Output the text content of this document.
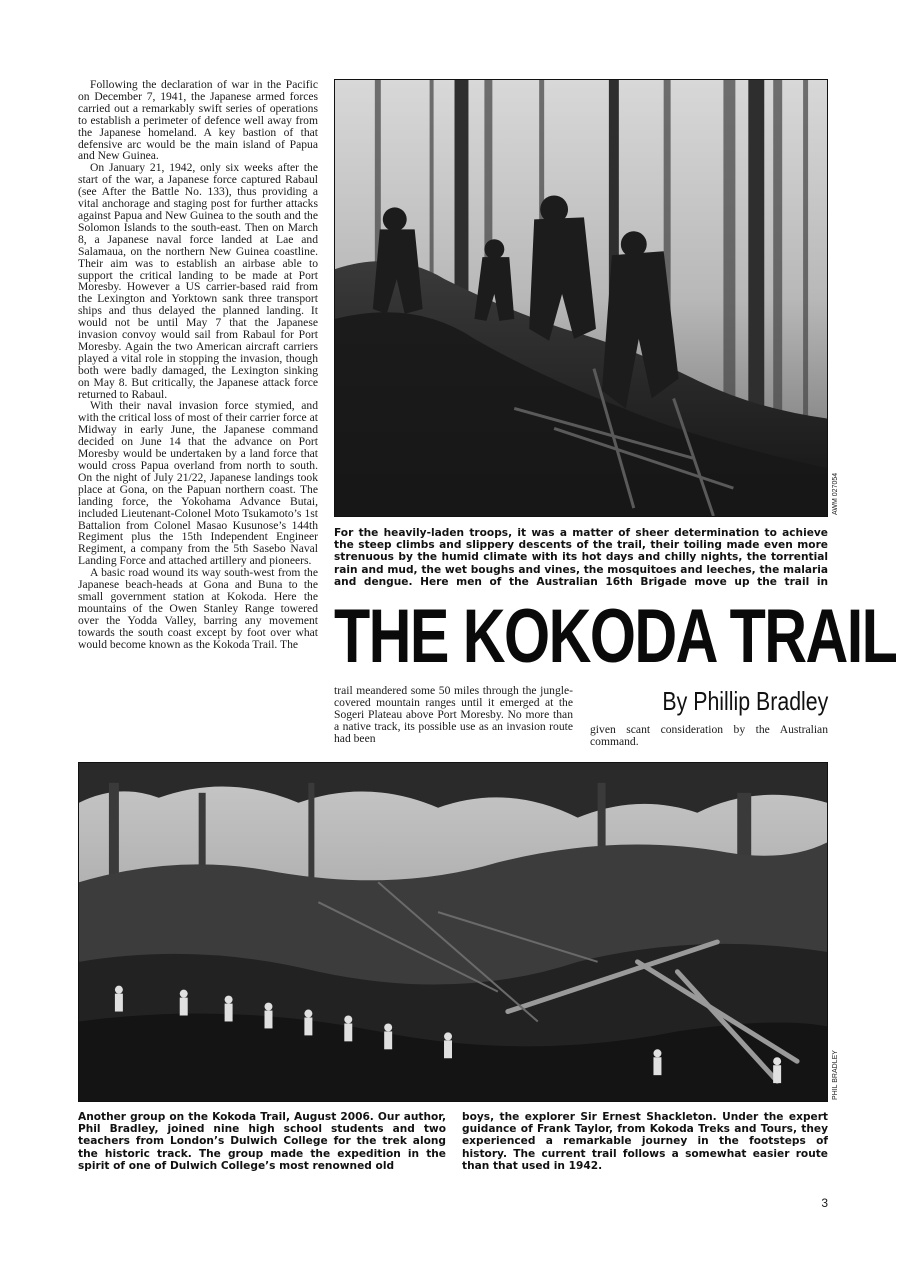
Following the declaration of war in the Pacific on December 7, 1941, the Japanese armed forces carried out a remarkably swift series of operations to establish a perimeter of defence well away from the Japanese homeland. A key bastion of that defensive arc would be the main island of Papua and New Guinea.

On January 21, 1942, only six weeks after the start of the war, a Japanese force captured Rabaul (see After the Battle No. 133), thus providing a vital anchorage and staging post for further attacks against Papua and New Guinea to the south and the Solomon Islands to the south-east. Then on March 8, a Japanese naval force landed at Lae and Salamaua, on the northern New Guinea coastline. Their aim was to establish an airbase able to support the critical landing to be made at Port Moresby. However a US carrier-based raid from the Lexington and Yorktown sank three transport ships and thus delayed the planned landing. It would not be until May 7 that the Japanese invasion convoy would sail from Rabaul for Port Moresby. Again the two American aircraft carriers played a vital role in stopping the invasion, though both were badly damaged, the Lexington sinking on May 8. But critically, the Japanese attack force returned to Rabaul.

With their naval invasion force stymied, and with the critical loss of most of their carrier force at Midway in early June, the Japanese command decided on June 14 that the advance on Port Moresby would be undertaken by a land force that would cross Papua overland from north to south. On the night of July 21/22, Japanese landings took place at Gona, on the Papuan northern coast. The landing force, the Yokohama Advance Butai, included Lieutenant-Colonel Moto Tsukamoto’s 1st Battalion from Colonel Masao Kusunose’s 144th Regiment plus the 15th Independent Engineer Regiment, a company from the 5th Sasebo Naval Landing Force and attached artillery and pioneers.

A basic road wound its way south-west from the Japanese beach-heads at Gona and Buna to the small government station at Kokoda. Here the mountains of the Owen Stanley Range towered over the Yodda Valley, barring any movement towards the south coast except by foot over what would become known as the Kokoda Trail. The

AWM 027054
For the heavily-laden troops, it was a matter of sheer determination to achieve the steep climbs and slippery descents of the trail, their toiling made even more strenuous by the humid climate with its hot days and chilly nights, the torrential rain and mud, the wet boughs and vines, the mosquitoes and leeches, the malaria and dengue. Here men of the Australian 16th Brigade move up the trail in
THE KOKODA TRAIL
trail meandered some 50 miles through the jungle-covered mountain ranges until it emerged at the Sogeri Plateau above Port Moresby. No more than a native track, its possible use as an invasion route had been
By Phillip Bradley
given scant consideration by the Australian command.
PHIL BRADLEY
Another group on the Kokoda Trail, August 2006. Our author, Phil Bradley, joined nine high school students and two teachers from London’s Dulwich College for the trek along the historic track. The group made the expedition in the spirit of one of Dulwich College’s most renowned old
boys, the explorer Sir Ernest Shackleton. Under the expert guidance of Frank Taylor, from Kokoda Treks and Tours, they experienced a remarkable journey in the footsteps of history. The current trail follows a somewhat easier route than that used in 1942.
3
